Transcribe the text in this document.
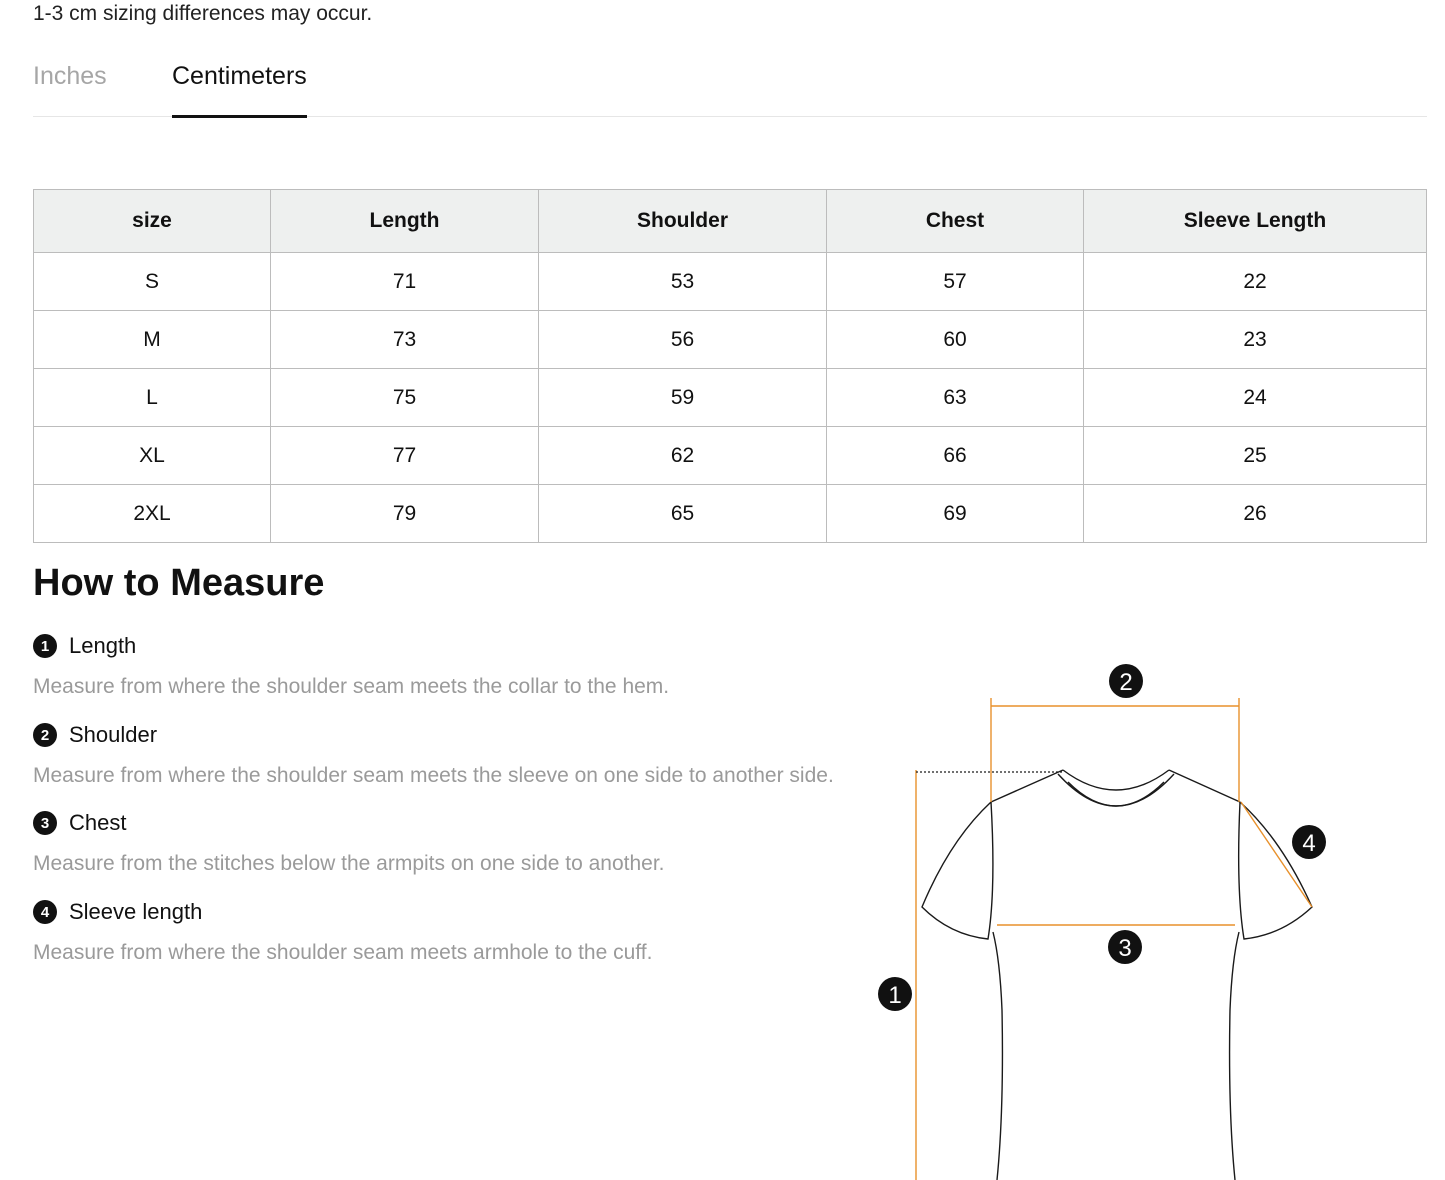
1-3 cm sizing differences may occur.
Inches	Centimeters
size	Length	Shoulder	Chest	Sleeve Length
S	71	53	57	22
M	73	56	60	23
L	75	59	63	24
XL	77	62	66	25
2XL	79	65	69	26
How to Measure
1 Length
Measure from where the shoulder seam meets the collar to the hem.
2 Shoulder
Measure from where the shoulder seam meets the sleeve on one side to another side.
3 Chest
Measure from the stitches below the armpits on one side to another.
4 Sleeve length
Measure from where the shoulder seam meets armhole to the cuff.
2
4
3
1
